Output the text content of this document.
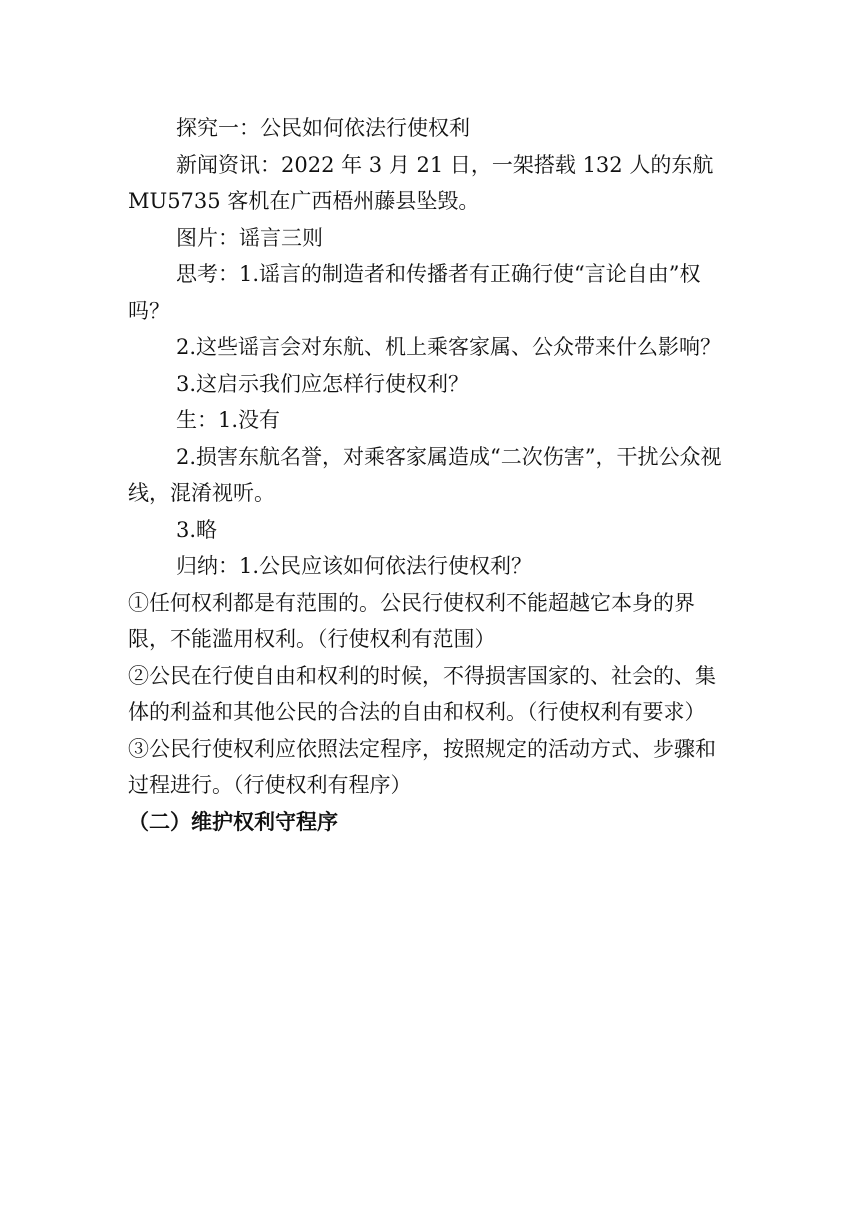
探究一：公民如何依法行使权利

新闻资讯：2022 年 3 月 21 日，一架搭载 132 人的东航 MU5735 客机在广西梧州藤县坠毁。

图片：谣言三则

思考：1.谣言的制造者和传播者有正确行使“言论自由”权吗？

2.这些谣言会对东航、机上乘客家属、公众带来什么影响？

3.这启示我们应怎样行使权利？

生：1.没有

2.损害东航名誉，对乘客家属造成“二次伤害”，干扰公众视线，混淆视听。

3.略

归纳：1.公民应该如何依法行使权利？

①任何权利都是有范围的。公民行使权利不能超越它本身的界限，不能滥用权利。（行使权利有范围）

②公民在行使自由和权利的时候，不得损害国家的、社会的、集体的利益和其他公民的合法的自由和权利。（行使权利有要求）

③公民行使权利应依照法定程序，按照规定的活动方式、步骤和过程进行。（行使权利有程序）

（二）维护权利守程序
